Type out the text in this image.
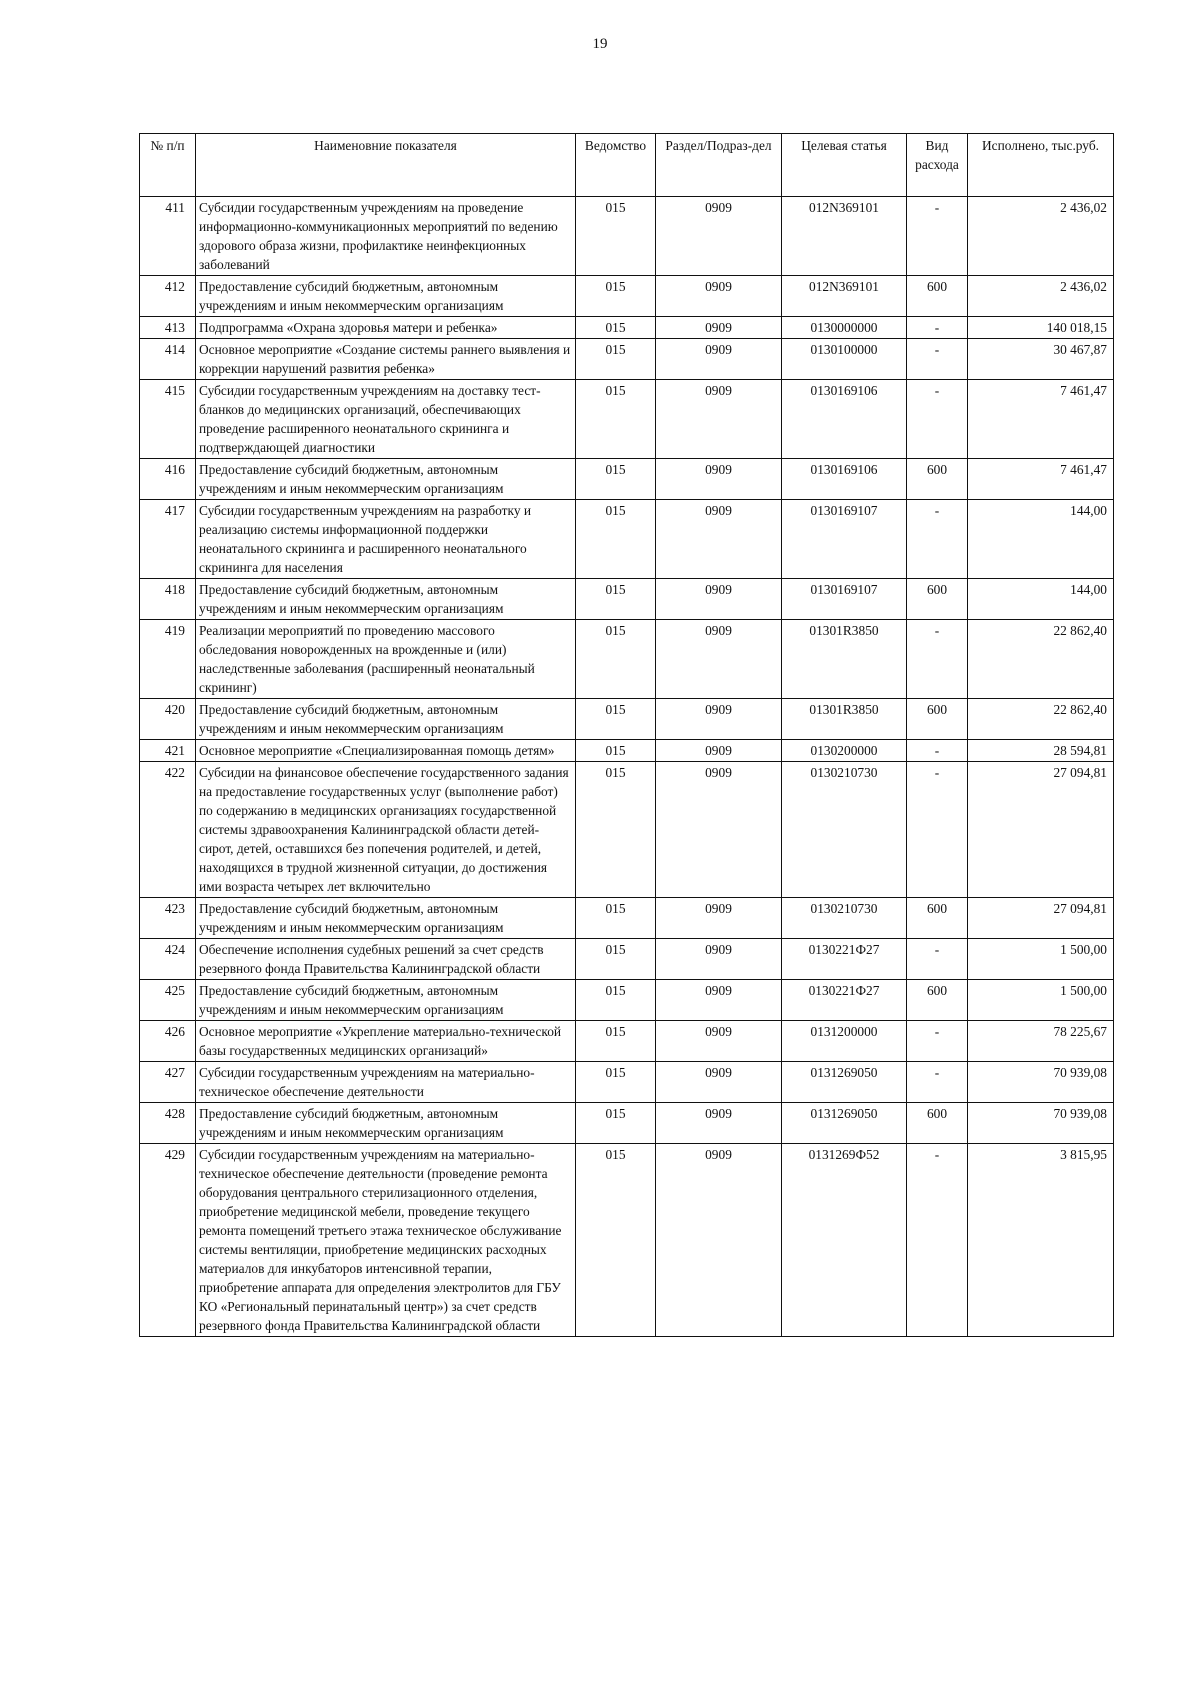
19
№ п/п	Наименовние показателя	Ведомство	Раздел/Подраз-дел	Целевая статья	Вид расхода	Исполнено, тыс.руб.
411	Субсидии государственным учреждениям на проведение информационно-коммуникационных мероприятий по ведению здорового образа жизни, профилактике неинфекционных заболеваний	015	0909	012N369101	-	2 436,02
412	Предоставление субсидий бюджетным, автономным учреждениям и иным некоммерческим организациям	015	0909	012N369101	600	2 436,02
413	Подпрограмма «Охрана здоровья матери и ребенка»	015	0909	0130000000	-	140 018,15
414	Основное мероприятие «Создание системы раннего выявления и коррекции нарушений развития ребенка»	015	0909	0130100000	-	30 467,87
415	Субсидии государственным учреждениям на доставку тест-бланков до медицинских организаций, обеспечивающих проведение расширенного неонатального скрининга и подтверждающей диагностики	015	0909	0130169106	-	7 461,47
416	Предоставление субсидий бюджетным, автономным учреждениям и иным некоммерческим организациям	015	0909	0130169106	600	7 461,47
417	Субсидии государственным учреждениям на разработку и реализацию системы информационной поддержки неонатального скрининга и расширенного неонатального скрининга для населения	015	0909	0130169107	-	144,00
418	Предоставление субсидий бюджетным, автономным учреждениям и иным некоммерческим организациям	015	0909	0130169107	600	144,00
419	Реализации мероприятий по проведению массового обследования новорожденных на врожденные и (или) наследственные заболевания (расширенный неонатальный скрининг)	015	0909	01301R3850	-	22 862,40
420	Предоставление субсидий бюджетным, автономным учреждениям и иным некоммерческим организациям	015	0909	01301R3850	600	22 862,40
421	Основное мероприятие «Специализированная помощь детям»	015	0909	0130200000	-	28 594,81
422	Субсидии на финансовое обеспечение государственного задания на предоставление государственных услуг (выполнение работ) по содержанию в медицинских организациях государственной системы здравоохранения Калининградской области детей-сирот, детей, оставшихся без попечения родителей, и детей, находящихся в трудной жизненной ситуации, до достижения ими возраста четырех лет включительно	015	0909	0130210730	-	27 094,81
423	Предоставление субсидий бюджетным, автономным учреждениям и иным некоммерческим организациям	015	0909	0130210730	600	27 094,81
424	Обеспечение исполнения судебных решений за счет средств резервного фонда Правительства Калининградской области	015	0909	0130221Ф27	-	1 500,00
425	Предоставление субсидий бюджетным, автономным учреждениям и иным некоммерческим организациям	015	0909	0130221Ф27	600	1 500,00
426	Основное мероприятие «Укрепление материально-технической базы государственных медицинских организаций»	015	0909	0131200000	-	78 225,67
427	Субсидии государственным учреждениям на материально-техническое обеспечение деятельности	015	0909	0131269050	-	70 939,08
428	Предоставление субсидий бюджетным, автономным учреждениям и иным некоммерческим организациям	015	0909	0131269050	600	70 939,08
429	Субсидии государственным учреждениям на материально-техническое обеспечение деятельности (проведение ремонта оборудования центрального стерилизационного отделения, приобретение медицинской мебели, проведение текущего ремонта помещений третьего этажа техническое обслуживание системы вентиляции, приобретение медицинских расходных материалов для инкубаторов интенсивной терапии, приобретение аппарата для определения электролитов для ГБУ КО «Региональный перинатальный центр») за счет средств резервного фонда Правительства Калининградской области	015	0909	0131269Ф52	-	3 815,95
